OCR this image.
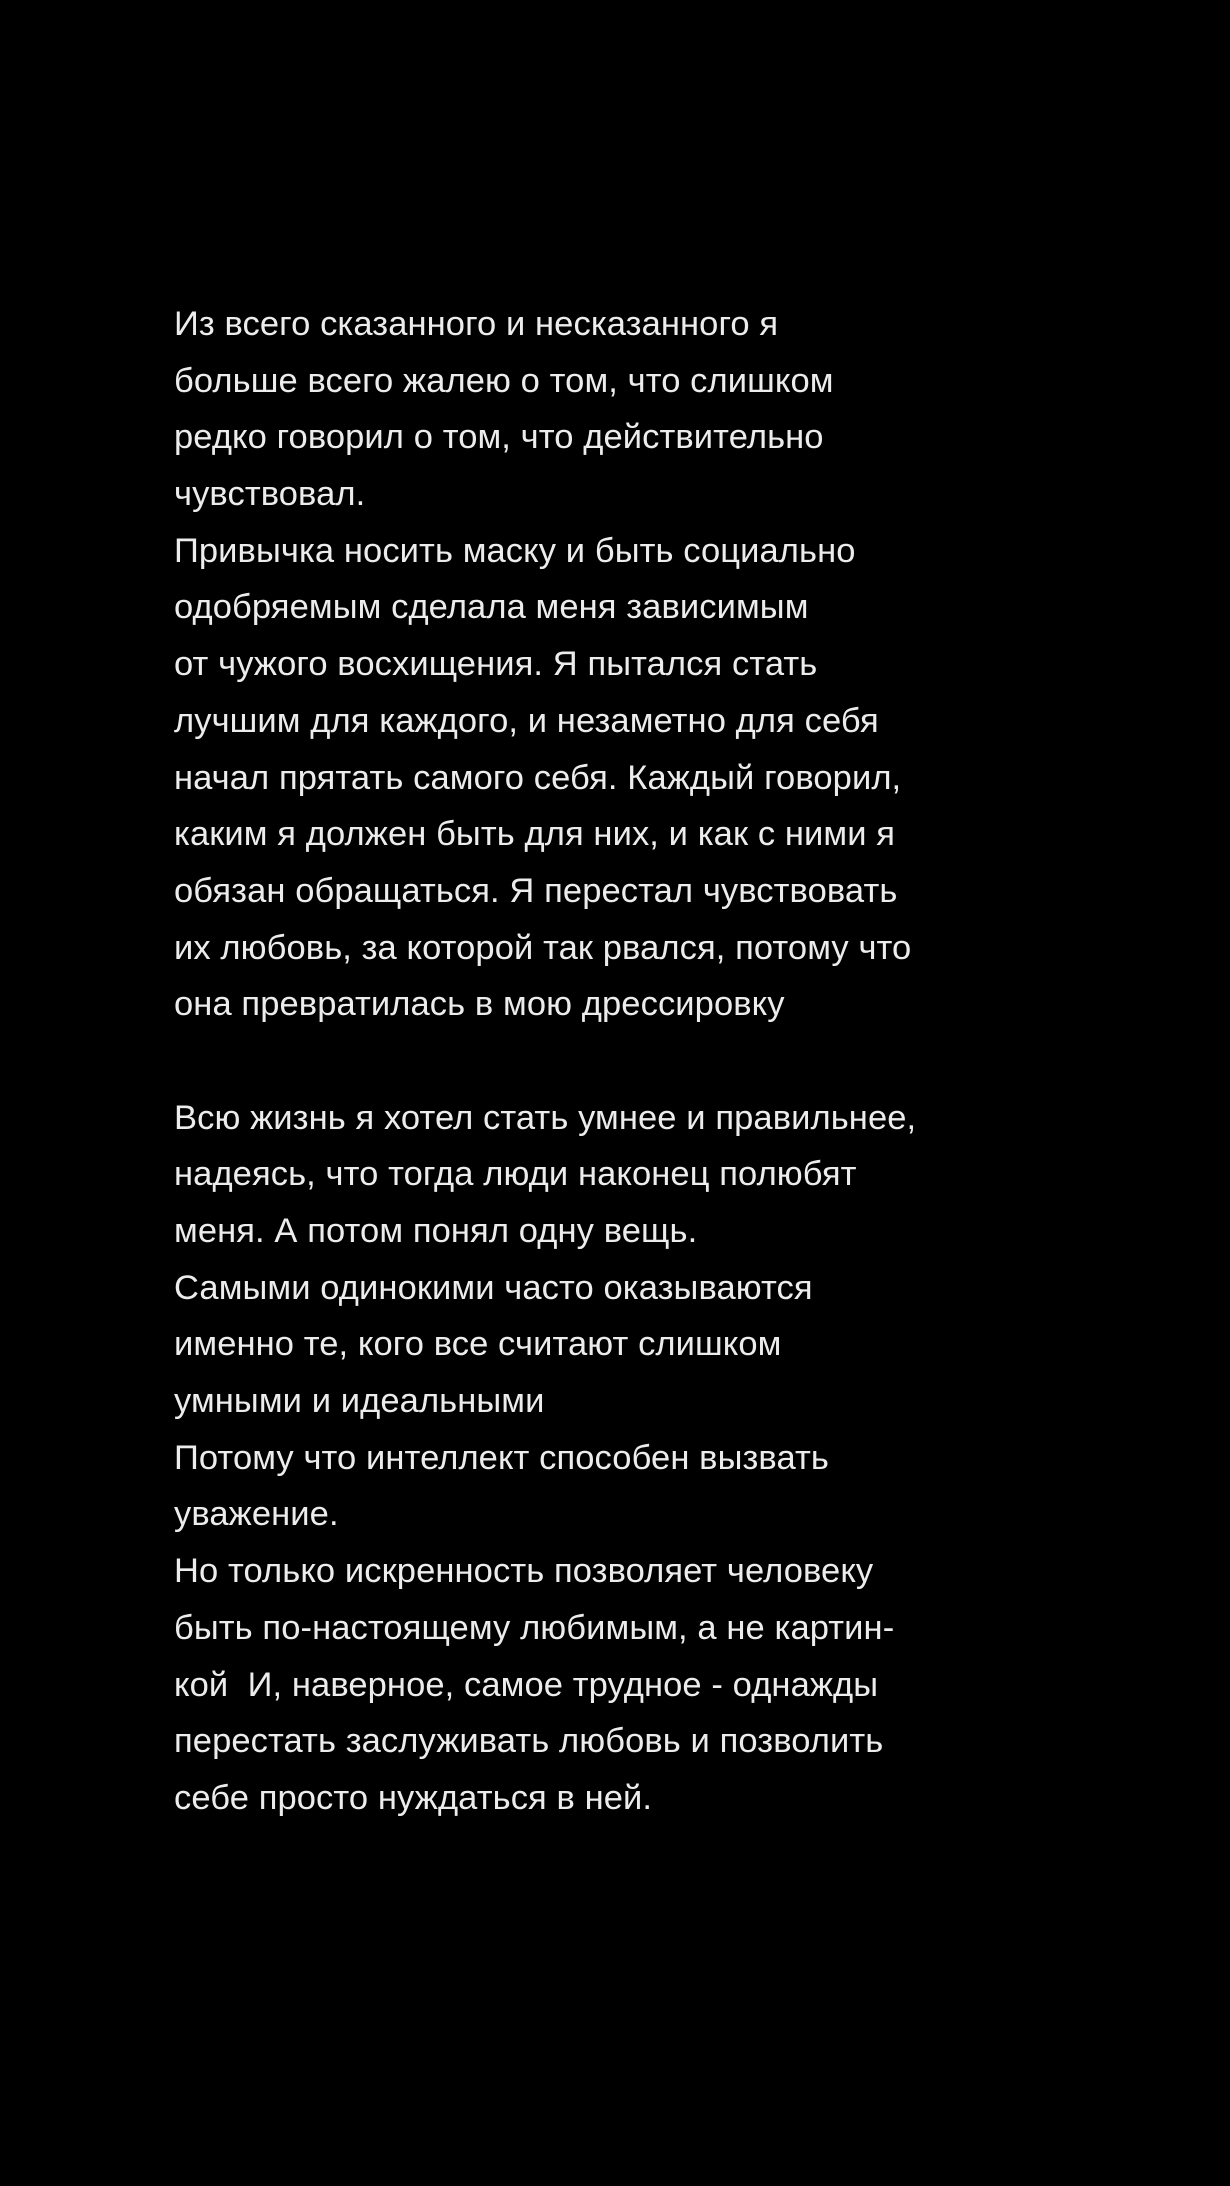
Из всего сказанного и несказанного я
больше всего жалею о том, что слишком
редко говорил о том, что действительно
чувствовал.
Привычка носить маску и быть социально
одобряемым сделала меня зависимым
от чужого восхищения. Я пытался стать
лучшим для каждого, и незаметно для себя
начал прятать самого себя. Каждый говорил,
каким я должен быть для них, и как с ними я
обязан обращаться. Я перестал чувствовать
их любовь, за которой так рвался, потому что
она превратилась в мою дрессировку
Всю жизнь я хотел стать умнее и правильнее,
надеясь, что тогда люди наконец полюбят
меня. А потом понял одну вещь.
Самыми одинокими часто оказываются
именно те, кого все считают слишком
умными и идеальными
Потому что интеллект способен вызвать
уважение.
Но только искренность позволяет человеку
быть по-настоящему любимым, а не картин-
кой  И, наверное, самое трудное - однажды
перестать заслуживать любовь и позволить
себе просто нуждаться в ней.
